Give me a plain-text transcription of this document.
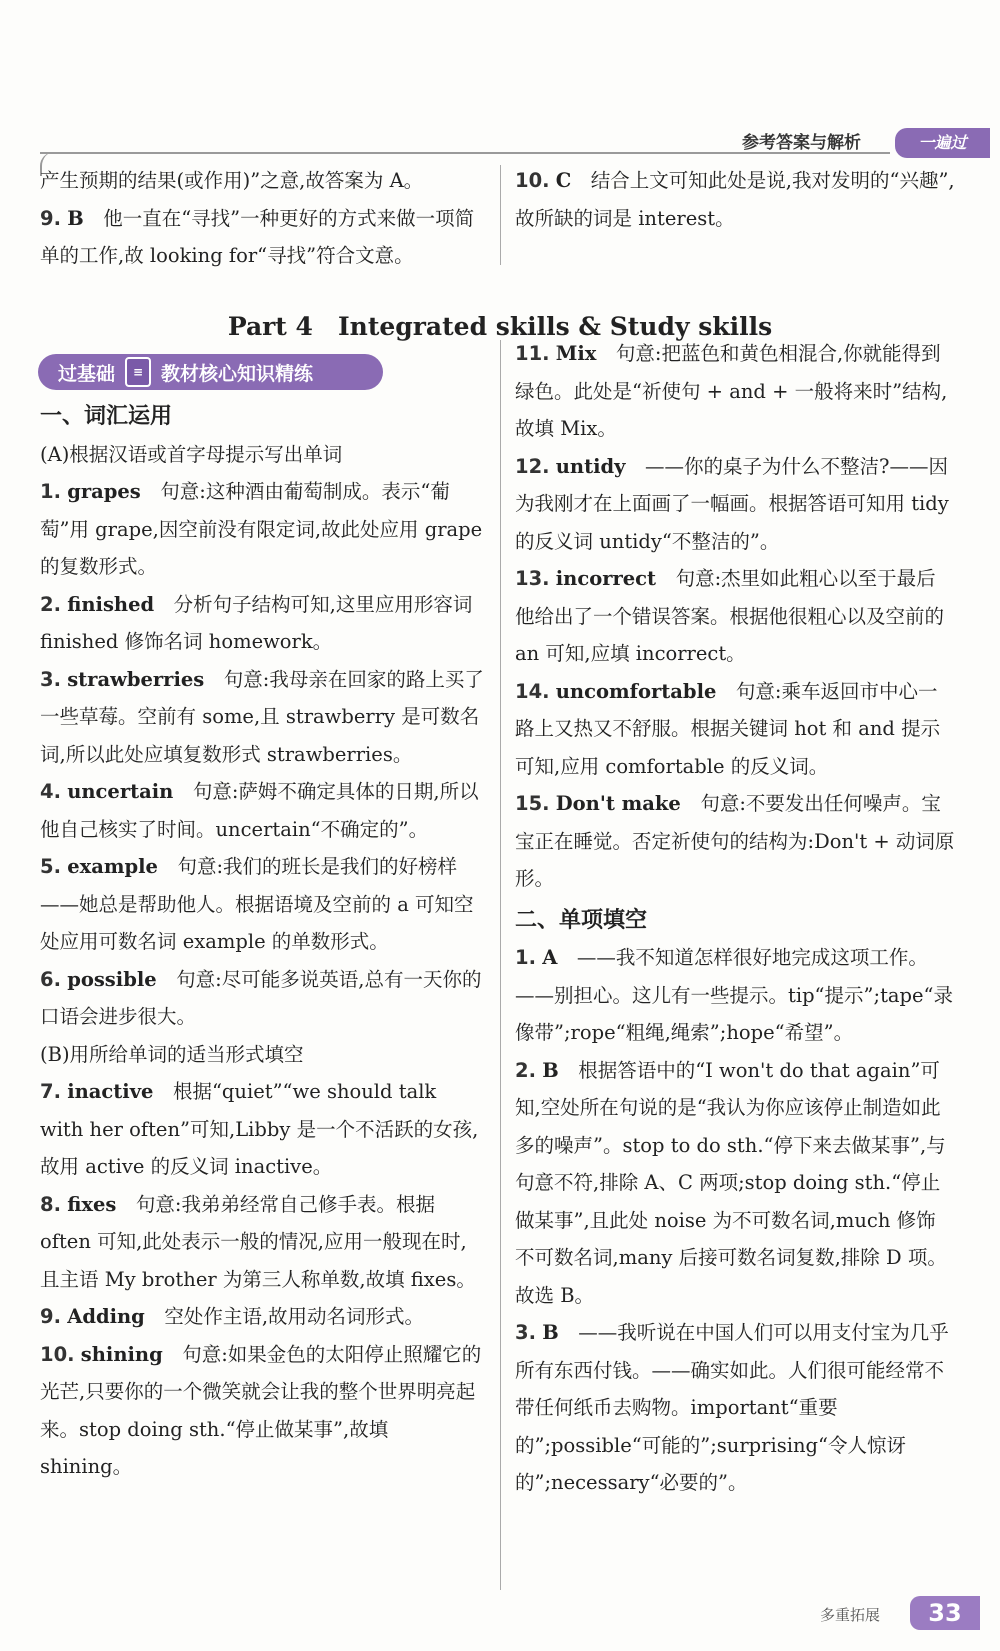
参考答案与解析	一遍过

产生预期的结果(或作用)”之意,故答案为 A。

9. B　 他一直在“寻找”一种更好的方式来做一项简单的工作,故 looking for“寻找”符合文意。

10. C　 结合上文可知此处是说,我对发明的“兴趣”,故所缺的词是 interest。

Part 4　Integrated skills & Study skills
过基础	≡ 教材核心知识精练

一、词汇运用

(A)根据汉语或首字母提示写出单词

1. grapes　 句意:这种酒由葡萄制成。表示“葡萄”用 grape,因空前没有限定词,故此处应用 grape 的复数形式。

2. finished　 分析句子结构可知,这里应用形容词 finished 修饰名词 homework。

3. strawberries　 句意:我母亲在回家的路上买了一些草莓。空前有 some,且 strawberry 是可数名词,所以此处应填复数形式 strawberries。

4. uncertain　 句意:萨姆不确定具体的日期,所以他自己核实了时间。uncertain“不确定的”。

5. example　 句意:我们的班长是我们的好榜样——她总是帮助他人。根据语境及空前的 a 可知空处应用可数名词 example 的单数形式。

6. possible　 句意:尽可能多说英语,总有一天你的口语会进步很大。

(B)用所给单词的适当形式填空

7. inactive　 根据“quiet”“we should talk with her often”可知,Libby 是一个不活跃的女孩,故用 active 的反义词 inactive。

8. fixes　 句意:我弟弟经常自己修手表。根据 often 可知,此处表示一般的情况,应用一般现在时,且主语 My brother 为第三人称单数,故填 fixes。

9. Adding　 空处作主语,故用动名词形式。

10. shining　 句意:如果金色的太阳停止照耀它的光芒,只要你的一个微笑就会让我的整个世界明亮起来。stop doing sth.“停止做某事”,故填 shining。

11. Mix　 句意:把蓝色和黄色相混合,你就能得到绿色。此处是“祈使句 + and + 一般将来时”结构,故填 Mix。

12. untidy　 ——你的桌子为什么不整洁?——因为我刚才在上面画了一幅画。根据答语可知用 tidy 的反义词 untidy“不整洁的”。

13. incorrect　 句意:杰里如此粗心以至于最后他给出了一个错误答案。根据他很粗心以及空前的 an 可知,应填 incorrect。

14. uncomfortable　 句意:乘车返回市中心一路上又热又不舒服。根据关键词 hot 和 and 提示可知,应用 comfortable 的反义词。

15. Don't make　 句意:不要发出任何噪声。宝宝正在睡觉。否定祈使句的结构为:Don't + 动词原形。

二、单项填空

1. A　 ——我不知道怎样很好地完成这项工作。——别担心。这儿有一些提示。tip“提示”;tape“录像带”;rope“粗绳,绳索”;hope“希望”。

2. B　 根据答语中的“I won't do that again”可知,空处所在句说的是“我认为你应该停止制造如此多的噪声”。stop to do sth.“停下来去做某事”,与句意不符,排除 A、C 两项;stop doing sth.“停止做某事”,且此处 noise 为不可数名词,much 修饰不可数名词,many 后接可数名词复数,排除 D 项。故选 B。

3. B　 ——我听说在中国人们可以用支付宝为几乎所有东西付钱。——确实如此。人们很可能经常不带任何纸币去购物。important“重要的”;possible“可能的”;surprising“令人惊讶的”;necessary“必要的”。

多重拓展	33
